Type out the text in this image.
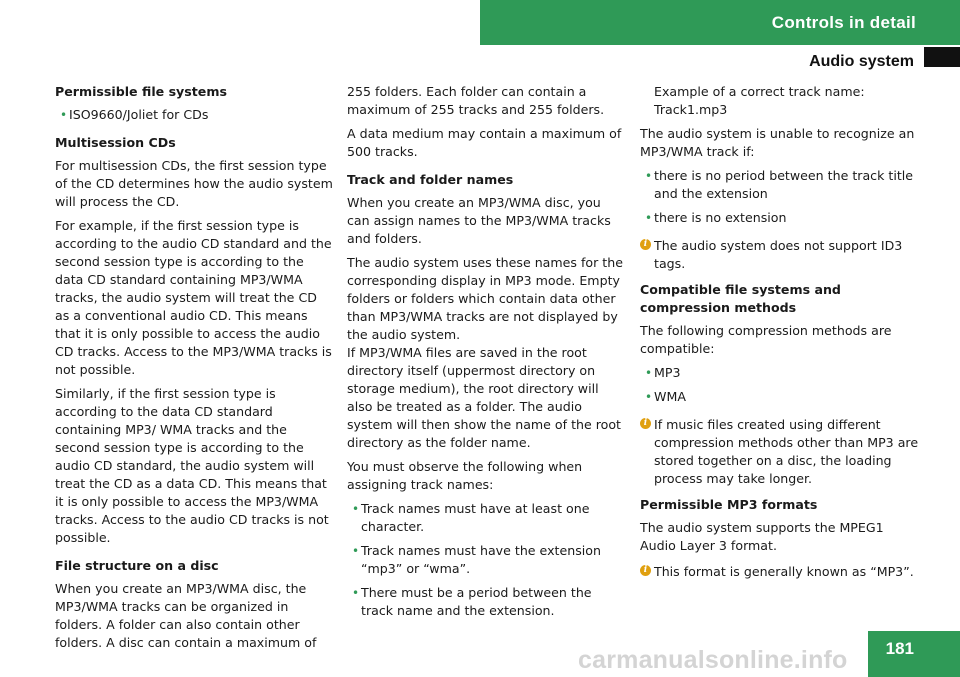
Controls in detail
Audio system
Permissible file systems
• ISO9660/Joliet for CDs
Multisession CDs

For multisession CDs, the first session type of the CD determines how the audio system will process the CD.

For example, if the first session type is according to the audio CD standard and the second session type is according to the data CD standard containing MP3/WMA tracks, the audio system will treat the CD as a conventional audio CD. This means that it is only possible to access the audio CD tracks. Access to the MP3/WMA tracks is not possible.

Similarly, if the first session type is according to the data CD standard containing MP3/ WMA tracks and the second session type is according to the audio CD standard, the audio system will treat the CD as a data CD. This means that it is only possible to access the MP3/WMA tracks. Access to the audio CD tracks is not possible.

File structure on a disc

When you create an MP3/WMA disc, the MP3/WMA tracks can be organized in folders. A folder can also contain other folders. A disc can contain a maximum of

255 folders. Each folder can contain a maximum of 255 tracks and 255 folders.

A data medium may contain a maximum of 500 tracks.

Track and folder names

When you create an MP3/WMA disc, you can assign names to the MP3/WMA tracks and folders.

The audio system uses these names for the corresponding display in MP3 mode. Empty folders or folders which contain data other than MP3/WMA tracks are not displayed by the audio system.

If MP3/WMA files are saved in the root directory itself (uppermost directory on storage medium), the root directory will also be treated as a folder. The audio system will then show the name of the root directory as the folder name.

You must observe the following when assigning track names:

• Track names must have at least one character.
• Track names must have the extension “mp3” or “wma”.
• There must be a period between the track name and the extension.
Example of a correct track name:
Track1.mp3

The audio system is unable to recognize an MP3/WMA track if:

• there is no period between the track title and the extension
• there is no extension
i The audio system does not support ID3 tags.
Compatible file systems and compression methods

The following compression methods are compatible:

• MP3
• WMA
i If music files created using different compression methods other than MP3 are stored together on a disc, the loading process may take longer.
Permissible MP3 formats

The audio system supports the MPEG1 Audio Layer 3 format.

i This format is generally known as “MP3”.
181
carmanualsonline.info
